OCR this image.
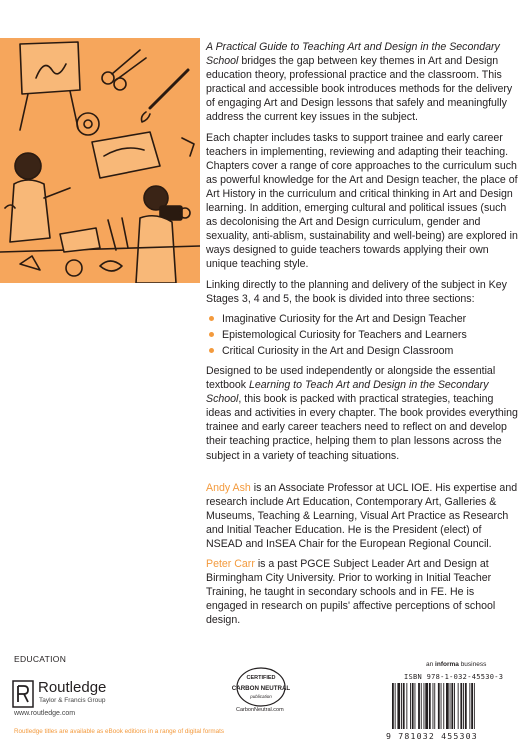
A Practical Guide to Teaching Art and Design in the Secondary School bridges the gap between key themes in Art and Design education theory, professional practice and the classroom. This practical and accessible book introduces methods for the delivery of engaging Art and Design lessons that safely and meaningfully address the current key issues in the subject.

Each chapter includes tasks to support trainee and early career teachers in implementing, reviewing and adapting their teaching. Chapters cover a range of core approaches to the curriculum such as powerful knowledge for the Art and Design teacher, the place of Art History in the curriculum and critical thinking in Art and Design learning. In addition, emerging cultural and political issues (such as decolonising the Art and Design curriculum, gender and sexuality, anti-ablism, sustainability and well-being) are explored in ways designed to guide teachers towards applying their own unique teaching style.

Linking directly to the planning and delivery of the subject in Key Stages 3, 4 and 5, the book is divided into three sections:

Imaginative Curiosity for the Art and Design Teacher
Epistemological Curiosity for Teachers and Learners
Critical Curiosity in the Art and Design Classroom

Designed to be used independently or alongside the essential textbook Learning to Teach Art and Design in the Secondary School, this book is packed with practical strategies, teaching ideas and activities in every chapter. The book provides everything trainee and early career teachers need to reflect on and develop their teaching practice, helping them to plan lessons across the subject in a variety of teaching situations.

Andy Ash is an Associate Professor at UCL IOE. His expertise and research include Art Education, Contemporary Art, Galleries & Museums, Teaching & Learning, Visual Art Practice as Research and Initial Teacher Education. He is the President (elect) of NSEAD and InSEA Chair for the European Regional Council.

Peter Carr is a past PGCE Subject Leader Art and Design at Birmingham City University. Prior to working in Initial Teacher Training, he taught in secondary schools and in FE. He is engaged in research on pupils' affective perceptions of school design.

EDUCATION
Routledge
Taylor & Francis Group
www.routledge.com
Routledge titles are available as eBook editions in a range of digital formats
CERTIFIED
CARBON NEUTRAL
publication
CarbonNeutral.com
an informa business
ISBN 978-1-032-45530-3
9 781032 455303
